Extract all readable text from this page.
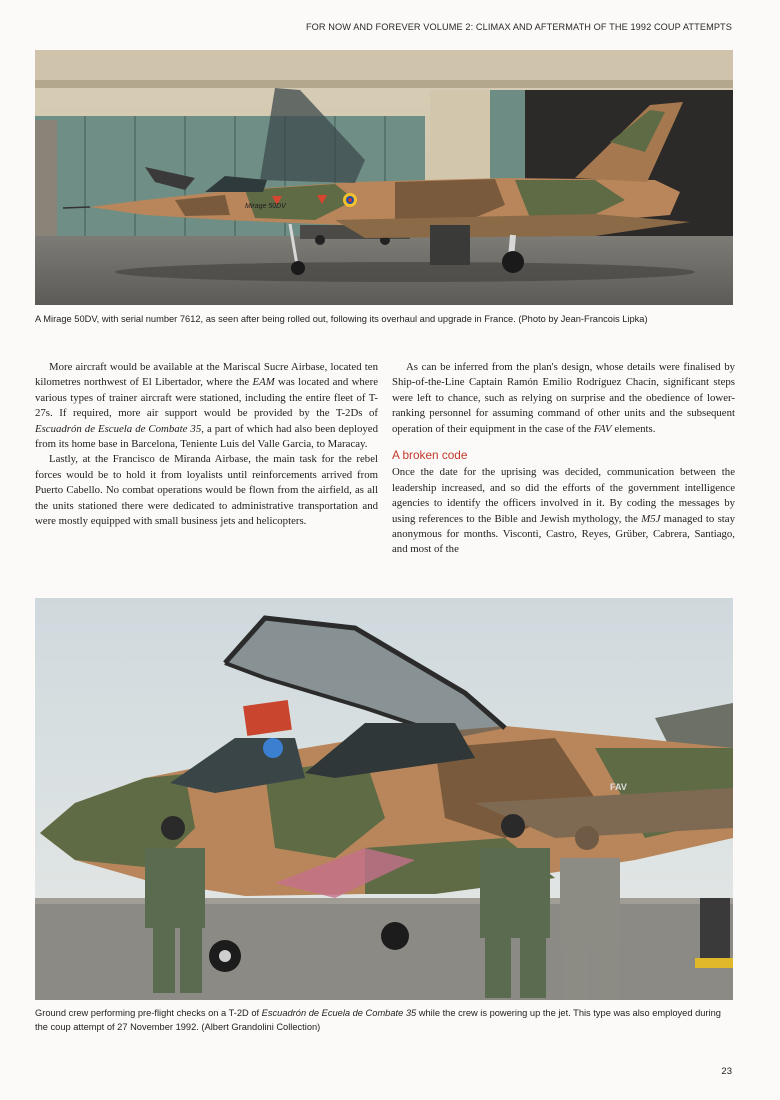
FOR NOW AND FOREVER VOLUME 2: CLIMAX AND AFTERMATH OF THE 1992 COUP ATTEMPTS
Mirage 50DV
A Mirage 50DV, with serial number 7612, as seen after being rolled out, following its overhaul and upgrade in France. (Photo by Jean-Francois Lipka)

More aircraft would be available at the Mariscal Sucre Airbase, located ten kilometres northwest of El Libertador, where the EAM was located and where various types of trainer aircraft were stationed, including the entire fleet of T-27s. If required, more air support would be provided by the T-2Ds of Escuadrón de Escuela de Combate 35, a part of which had also been deployed from its home base in Barcelona, Teniente Luis del Valle Garcia, to Maracay.

Lastly, at the Francisco de Miranda Airbase, the main task for the rebel forces would be to hold it from loyalists until reinforcements arrived from Puerto Cabello. No combat operations would be flown from the airfield, as all the units stationed there were dedicated to administrative transportation and were mostly equipped with small business jets and helicopters.

As can be inferred from the plan's design, whose details were finalised by Ship-of-the-Line Captain Ramón Emilio Rodríguez Chacín, significant steps were left to chance, such as relying on surprise and the obedience of lower-ranking personnel for assuming command of other units and the subsequent operation of their equipment in the case of the FAV elements.

A broken code

Once the date for the uprising was decided, communication between the leadership increased, and so did the efforts of the government intelligence agencies to identify the officers involved in it. By coding the messages by using references to the Bible and Jewish mythology, the M5J managed to stay anonymous for months. Visconti, Castro, Reyes, Grüber, Cabrera, Santiago, and most of the

FAV
Ground crew performing pre-flight checks on a T-2D of Escuadrón de Ecuela de Combate 35 while the crew is powering up the jet. This type was also employed during the coup attempt of 27 November 1992. (Albert Grandolini Collection)
23
